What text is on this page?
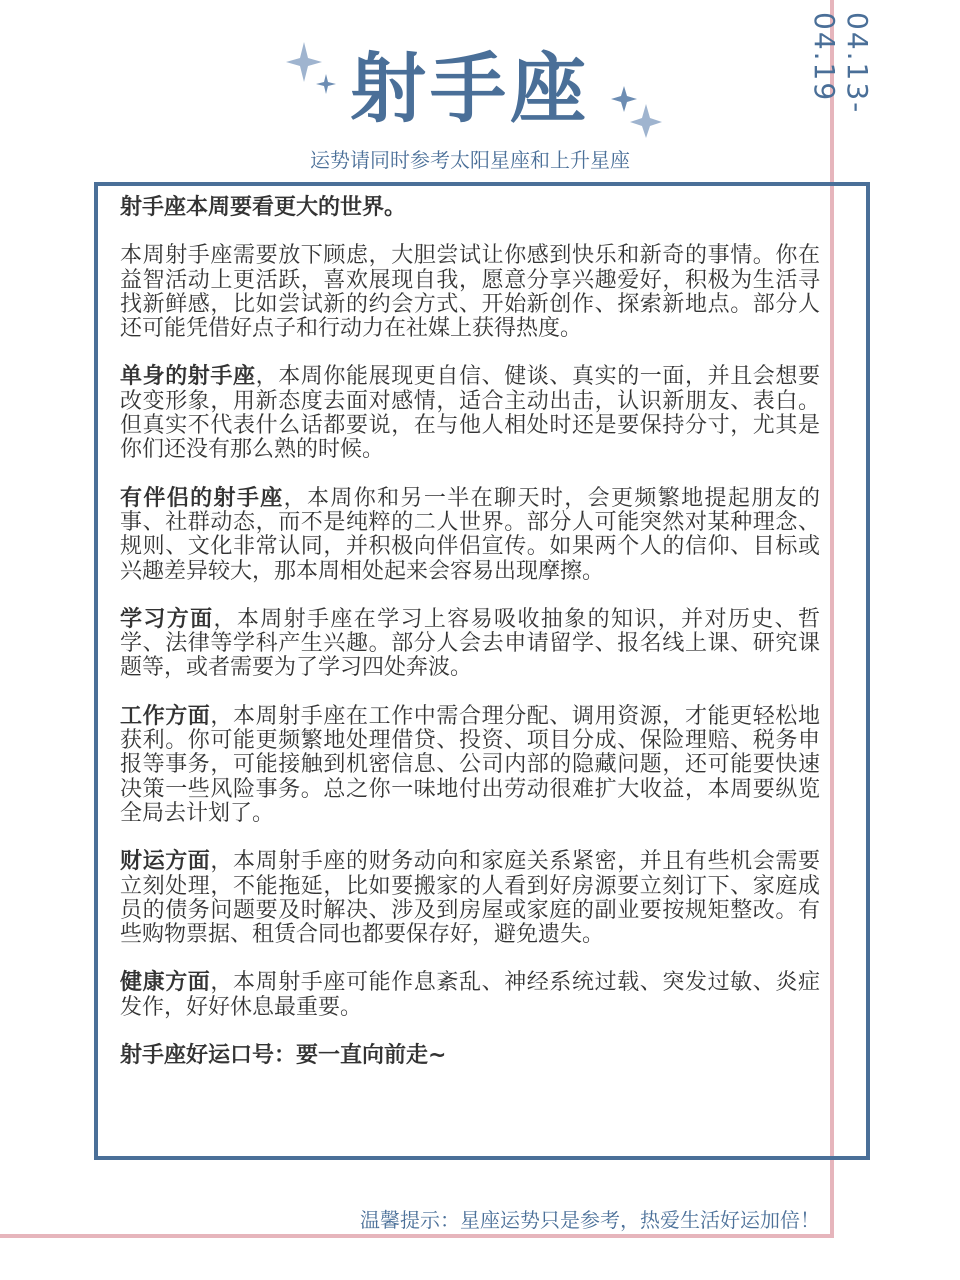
04.13-04.19
射手座
运势请同时参考太阳星座和上升星座

射手座本周要看更大的世界。

本周射手座需要放下顾虑，大胆尝试让你感到快乐和新奇的事情。你在益智活动上更活跃，喜欢展现自我，愿意分享兴趣爱好，积极为生活寻找新鲜感，比如尝试新的约会方式、开始新创作、探索新地点。部分人还可能凭借好点子和行动力在社媒上获得热度。

单身的射手座，本周你能展现更自信、健谈、真实的一面，并且会想要改变形象，用新态度去面对感情，适合主动出击，认识新朋友、表白。但真实不代表什么话都要说，在与他人相处时还是要保持分寸，尤其是你们还没有那么熟的时候。

有伴侣的射手座，本周你和另一半在聊天时，会更频繁地提起朋友的事、社群动态，而不是纯粹的二人世界。部分人可能突然对某种理念、规则、文化非常认同，并积极向伴侣宣传。如果两个人的信仰、目标或兴趣差异较大，那本周相处起来会容易出现摩擦。

学习方面，本周射手座在学习上容易吸收抽象的知识，并对历史、哲学、法律等学科产生兴趣。部分人会去申请留学、报名线上课、研究课题等，或者需要为了学习四处奔波。

工作方面，本周射手座在工作中需合理分配、调用资源，才能更轻松地获利。你可能更频繁地处理借贷、投资、项目分成、保险理赔、税务申报等事务，可能接触到机密信息、公司内部的隐藏问题，还可能要快速决策一些风险事务。总之你一味地付出劳动很难扩大收益，本周要纵览全局去计划了。

财运方面，本周射手座的财务动向和家庭关系紧密，并且有些机会需要立刻处理，不能拖延，比如要搬家的人看到好房源要立刻订下、家庭成员的债务问题要及时解决、涉及到房屋或家庭的副业要按规矩整改。有些购物票据、租赁合同也都要保存好，避免遗失。

健康方面，本周射手座可能作息紊乱、神经系统过载、突发过敏、炎症发作，好好休息最重要。

射手座好运口号：要一直向前走~

温馨提示：星座运势只是参考，热爱生活好运加倍！
